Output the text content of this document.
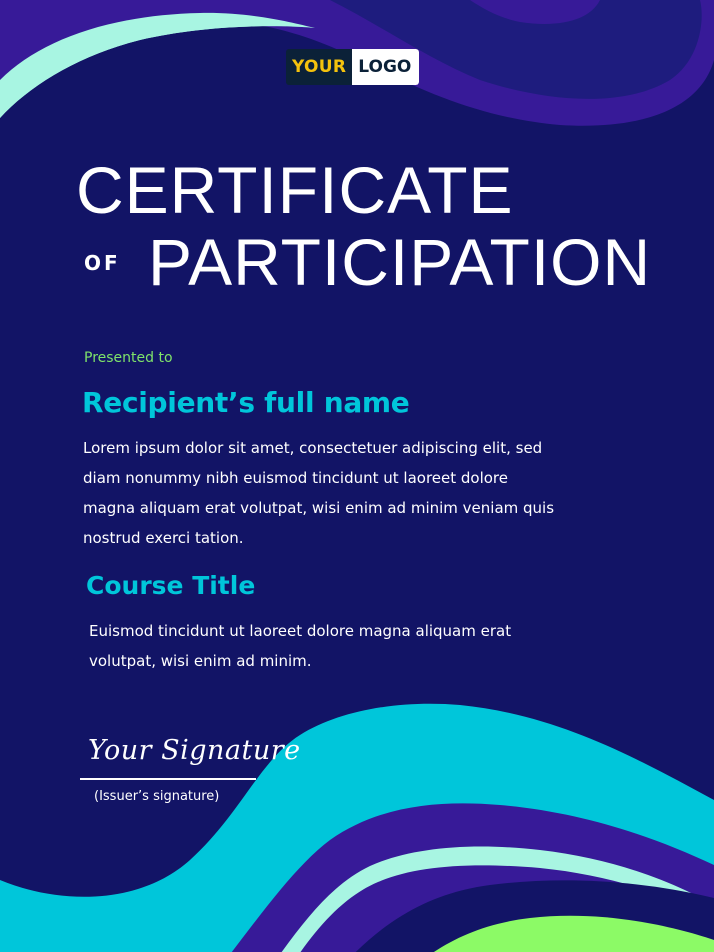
YOUR LOGO
CERTIFICATE
OF PARTICIPATION
Presented to
Recipient’s full name
Lorem ipsum dolor sit amet, consectetuer adipiscing elit, sed diam nonummy nibh euismod tincidunt ut laoreet dolore magna aliquam erat volutpat, wisi enim ad minim veniam quis nostrud exerci tation.
Course Title
Euismod tincidunt ut laoreet dolore magna aliquam erat volutpat, wisi enim ad minim.
Your Signature
(Issuer’s signature)
